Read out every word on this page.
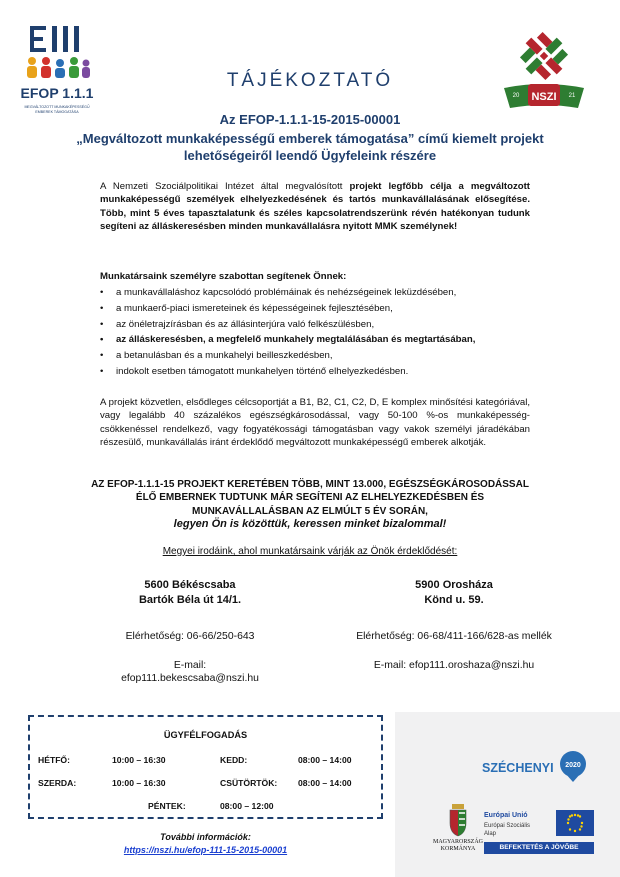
EFOP 1.1.1
MEGVÁLTOZOTT MUNKAKÉPESSÉGŰ
EMBEREK TÁMOGATÁSA
NSZI
20	21
TÁJÉKOZTATÓ
Az EFOP-1.1.1-15-2015-00001
„Megváltozott munkaképességű emberek támogatása” című kiemelt projekt lehetőségeiről leendő Ügyfeleink részére
A Nemzeti Szociálpolitikai Intézet által megvalósított projekt legfőbb célja a megváltozott munkaképességű személyek elhelyezkedésének és tartós munkavállalásának elősegítése. Több, mint 5 éves tapasztalatunk és széles kapcsolatrendszerünk révén hatékonyan tudunk segíteni az álláskeresésben minden munkavállalásra nyitott MMK személynek!
Munkatársaink személyre szabottan segítenek Önnek:
• a munkavállaláshoz kapcsolódó problémáinak és nehézségeinek leküzdésében,
• a munkaerő-piaci ismereteinek és képességeinek fejlesztésében,
• az önéletrajzírásban és az állásinterjúra való felkészülésben,
• az álláskeresésben, a megfelelő munkahely megtalálásában és megtartásában,
• a betanulásban és a munkahelyi beilleszkedésben,
• indokolt esetben támogatott munkahelyen történő elhelyezkedésben.
A projekt közvetlen, elsődleges célcsoportját a B1, B2, C1, C2, D, E komplex minősítési kategóriával, vagy legalább 40 százalékos egészségkárosodással, vagy 50-100 %-os munkaképesség-csökkenéssel rendelkező, vagy fogyatékossági támogatásban vagy vakok személyi járadékában részesülő, munkavállalás iránt érdeklődő megváltozott munkaképességű emberek alkotják.
AZ EFOP-1.1.1-15 PROJEKT KERETÉBEN TÖBB, MINT 13.000, EGÉSZSÉGKÁROSODÁSSAL ÉLŐ EMBERNEK TUDTUNK MÁR SEGÍTENI AZ ELHELYEZKEDÉSBEN ÉS MUNKAVÁLLALÁSBAN AZ ELMÚLT 5 ÉV SORÁN,
legyen Ön is közöttük, keressen minket bizalommal!
Megyei irodáink, ahol munkatársaink várják az Önök érdeklődését:
5600 Békéscsaba
Bartók Béla út 14/1.
Elérhetőség: 06-66/250-643
E-mail:
efop111.bekescsaba@nszi.hu
5900 Orosháza
Könd u. 59.
Elérhetőség: 06-68/411-166/628-as mellék
E-mail: efop111.oroshaza@nszi.hu
ÜGYFÉLFOGADÁS
HÉTFŐ:	10:00 – 16:30	KEDD:	08:00 – 14:00
SZERDA:	10:00 – 16:30	CSÜTÖRTÖK: 08:00 – 14:00
PÉNTEK:	08:00 – 12:00
További információk:
https://nszi.hu/efop-111-15-2015-00001
SZÉCHENYI 2020
MAGYARORSZÁG
KORMÁNYA
Európai Unió
Európai Szociális
Alap
BEFEKTETÉS A JÖVŐBE
